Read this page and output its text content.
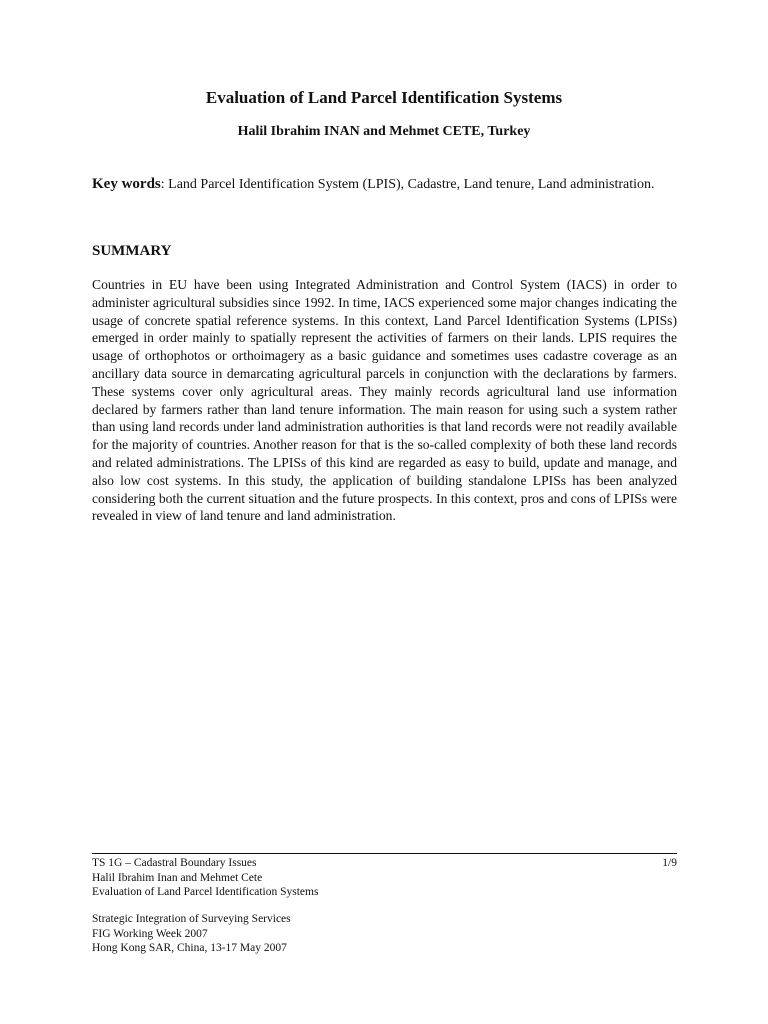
Evaluation of Land Parcel Identification Systems
Halil Ibrahim INAN and Mehmet CETE, Turkey
Key words: Land Parcel Identification System (LPIS), Cadastre, Land tenure, Land administration.
SUMMARY

Countries in EU have been using Integrated Administration and Control System (IACS) in order to administer agricultural subsidies since 1992. In time, IACS experienced some major changes indicating the usage of concrete spatial reference systems. In this context, Land Parcel Identification Systems (LPISs) emerged in order mainly to spatially represent the activities of farmers on their lands. LPIS requires the usage of orthophotos or orthoimagery as a basic guidance and sometimes uses cadastre coverage as an ancillary data source in demarcating agricultural parcels in conjunction with the declarations by farmers. These systems cover only agricultural areas. They mainly records agricultural land use information declared by farmers rather than land tenure information. The main reason for using such a system rather than using land records under land administration authorities is that land records were not readily available for the majority of countries. Another reason for that is the so-called complexity of both these land records and related administrations. The LPISs of this kind are regarded as easy to build, update and manage, and also low cost systems. In this study, the application of building standalone LPISs has been analyzed considering both the current situation and the future prospects. In this context, pros and cons of LPISs were revealed in view of land tenure and land administration.

TS 1G – Cadastral Boundary Issues
Halil Ibrahim Inan and Mehmet Cete
Evaluation of Land Parcel Identification Systems
1/9
Strategic Integration of Surveying Services
FIG Working Week 2007
Hong Kong SAR, China, 13-17 May 2007
